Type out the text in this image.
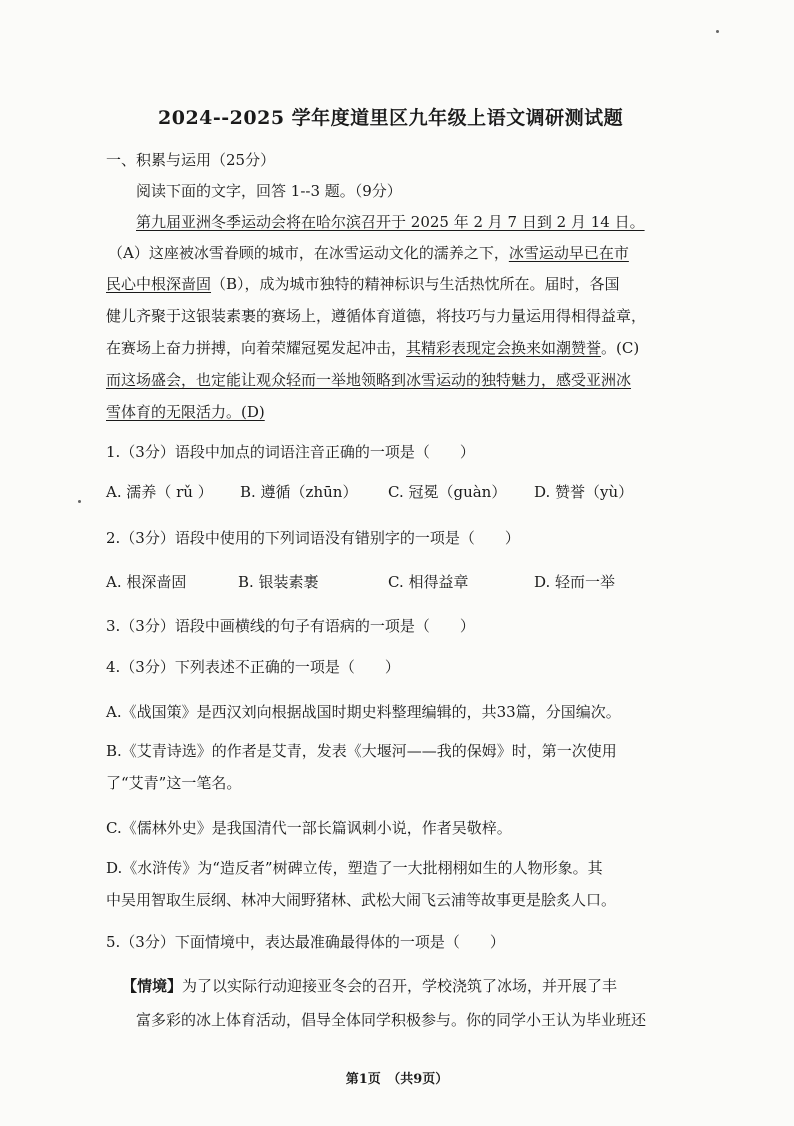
2024--2025 学年度道里区九年级上语文调研测试题
一、积累与运用（25分）
阅读下面的文字，回答 1--3 题。（9分）
第九届亚洲冬季运动会将在哈尔滨召开于 2025 年 2 月 7 日到 2 月 14 日。
（A）这座被冰雪眷顾的城市，在冰雪运动文化的濡养之下，冰雪运动早已在市
民心中根深啬固（B），成为城市独特的精神标识与生活热忱所在。届时，各国
健儿齐聚于这银装素裹的赛场上，遵循体育道德，将技巧与力量运用得相得益章，
在赛场上奋力拼搏，向着荣耀冠冕发起冲击，其精彩表现定会换来如潮赞誉。(C)
而这场盛会，也定能让观众轻而一举地领略到冰雪运动的独特魅力，感受亚洲冰
雪体育的无限活力。(D)
1.（3分）语段中加点的词语注音正确的一项是（　　）
A. 濡养（ rǔ ） B. 遵循（zhūn） C. 冠冕（guàn） D. 赞誉（yù）
2.（3分）语段中使用的下列词语没有错别字的一项是（　　）
A. 根深啬固	B. 银装素裹	C. 相得益章	D. 轻而一举
3.（3分）语段中画横线的句子有语病的一项是（　　）
4.（3分）下列表述不正确的一项是（　　）
A.《战国策》是西汉刘向根据战国时期史料整理编辑的，共33篇，分国编次。
B.《艾青诗选》的作者是艾青，发表《大堰河——我的保姆》时，第一次使用
了“艾青”这一笔名。
C.《儒林外史》是我国清代一部长篇讽刺小说，作者吴敬梓。
D.《水浒传》为“造反者”树碑立传，塑造了一大批栩栩如生的人物形象。其
中吴用智取生辰纲、林冲大闹野猪林、武松大闹飞云浦等故事更是脍炙人口。
5.（3分）下面情境中，表达最准确最得体的一项是（　　）
【情境】为了以实际行动迎接亚冬会的召开，学校浇筑了冰场，并开展了丰
富多彩的冰上体育活动，倡导全体同学积极参与。你的同学小王认为毕业班还
第1页　（共9页）
